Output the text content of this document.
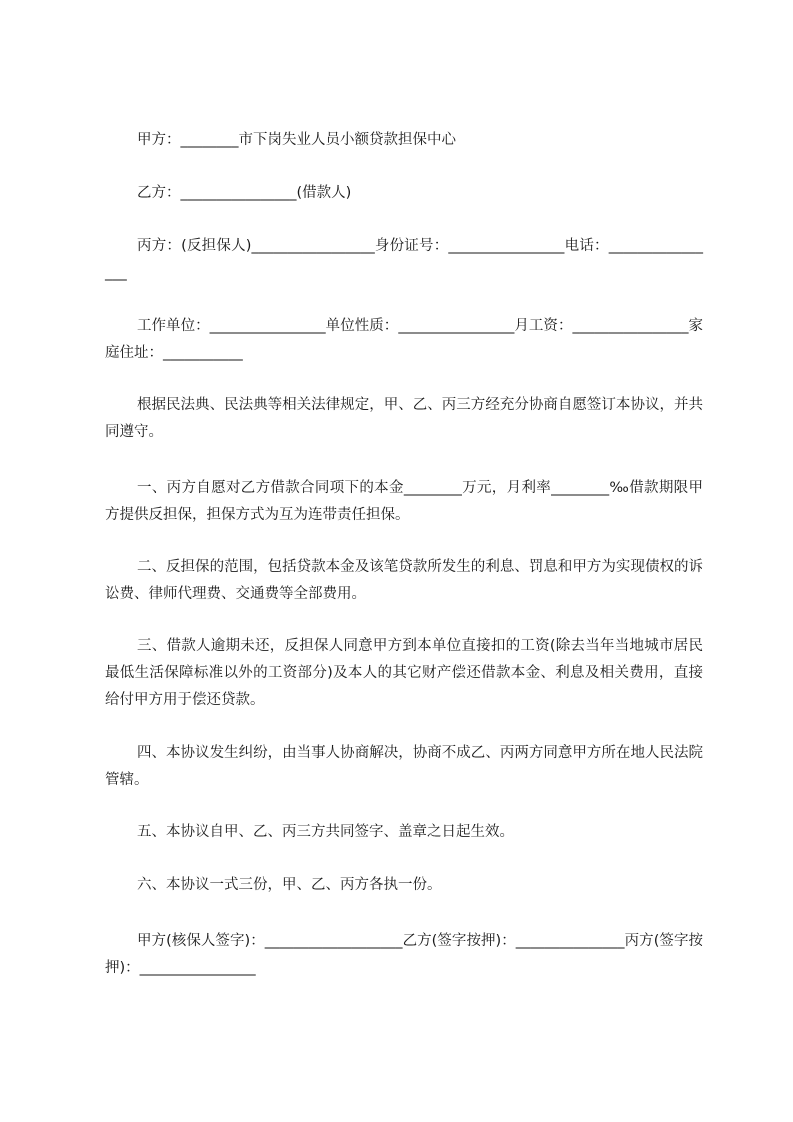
甲方：________市下岗失业人员小额贷款担保中心
乙方：________________(借款人)
丙方：(反担保人)_________________身份证号：________________电话：________________
工作单位：________________单位性质：________________月工资：________________家庭住址：___________
根据民法典、民法典等相关法律规定，甲、乙、丙三方经充分协商自愿签订本协议，并共同遵守。
一、丙方自愿对乙方借款合同项下的本金________万元，月利率________‰借款期限甲方提供反担保，担保方式为互为连带责任担保。
二、反担保的范围，包括贷款本金及该笔贷款所发生的利息、罚息和甲方为实现债权的诉讼费、律师代理费、交通费等全部费用。
三、借款人逾期未还，反担保人同意甲方到本单位直接扣的工资(除去当年当地城市居民最低生活保障标准以外的工资部分)及本人的其它财产偿还借款本金、利息及相关费用，直接给付甲方用于偿还贷款。
四、本协议发生纠纷，由当事人协商解决，协商不成乙、丙两方同意甲方所在地人民法院管辖。
五、本协议自甲、乙、丙三方共同签字、盖章之日起生效。
六、本协议一式三份，甲、乙、丙方各执一份。
甲方(核保人签字)：___________________乙方(签字按押)：_______________丙方(签字按押)：________________
